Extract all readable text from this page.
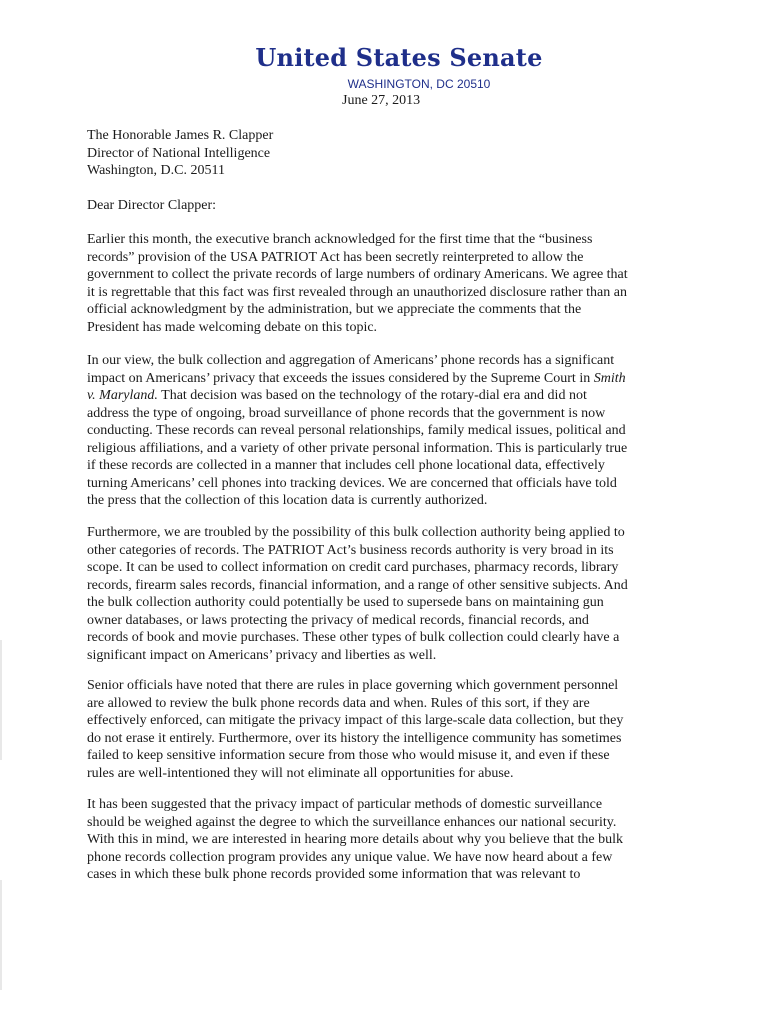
United States Senate
WASHINGTON, DC 20510
June 27, 2013
The Honorable James R. Clapper
Director of National Intelligence
Washington, D.C. 20511
Dear Director Clapper:
Earlier this month, the executive branch acknowledged for the first time that the “business
records” provision of the USA PATRIOT Act has been secretly reinterpreted to allow the
government to collect the private records of large numbers of ordinary Americans. We agree that
it is regrettable that this fact was first revealed through an unauthorized disclosure rather than an
official acknowledgment by the administration, but we appreciate the comments that the
President has made welcoming debate on this topic.
In our view, the bulk collection and aggregation of Americans’ phone records has a significant
impact on Americans’ privacy that exceeds the issues considered by the Supreme Court in Smith
v. Maryland. That decision was based on the technology of the rotary-dial era and did not
address the type of ongoing, broad surveillance of phone records that the government is now
conducting. These records can reveal personal relationships, family medical issues, political and
religious affiliations, and a variety of other private personal information. This is particularly true
if these records are collected in a manner that includes cell phone locational data, effectively
turning Americans’ cell phones into tracking devices. We are concerned that officials have told
the press that the collection of this location data is currently authorized.
Furthermore, we are troubled by the possibility of this bulk collection authority being applied to
other categories of records. The PATRIOT Act’s business records authority is very broad in its
scope. It can be used to collect information on credit card purchases, pharmacy records, library
records, firearm sales records, financial information, and a range of other sensitive subjects. And
the bulk collection authority could potentially be used to supersede bans on maintaining gun
owner databases, or laws protecting the privacy of medical records, financial records, and
records of book and movie purchases. These other types of bulk collection could clearly have a
significant impact on Americans’ privacy and liberties as well.
Senior officials have noted that there are rules in place governing which government personnel
are allowed to review the bulk phone records data and when. Rules of this sort, if they are
effectively enforced, can mitigate the privacy impact of this large-scale data collection, but they
do not erase it entirely. Furthermore, over its history the intelligence community has sometimes
failed to keep sensitive information secure from those who would misuse it, and even if these
rules are well-intentioned they will not eliminate all opportunities for abuse.
It has been suggested that the privacy impact of particular methods of domestic surveillance
should be weighed against the degree to which the surveillance enhances our national security.
With this in mind, we are interested in hearing more details about why you believe that the bulk
phone records collection program provides any unique value. We have now heard about a few
cases in which these bulk phone records provided some information that was relevant to
